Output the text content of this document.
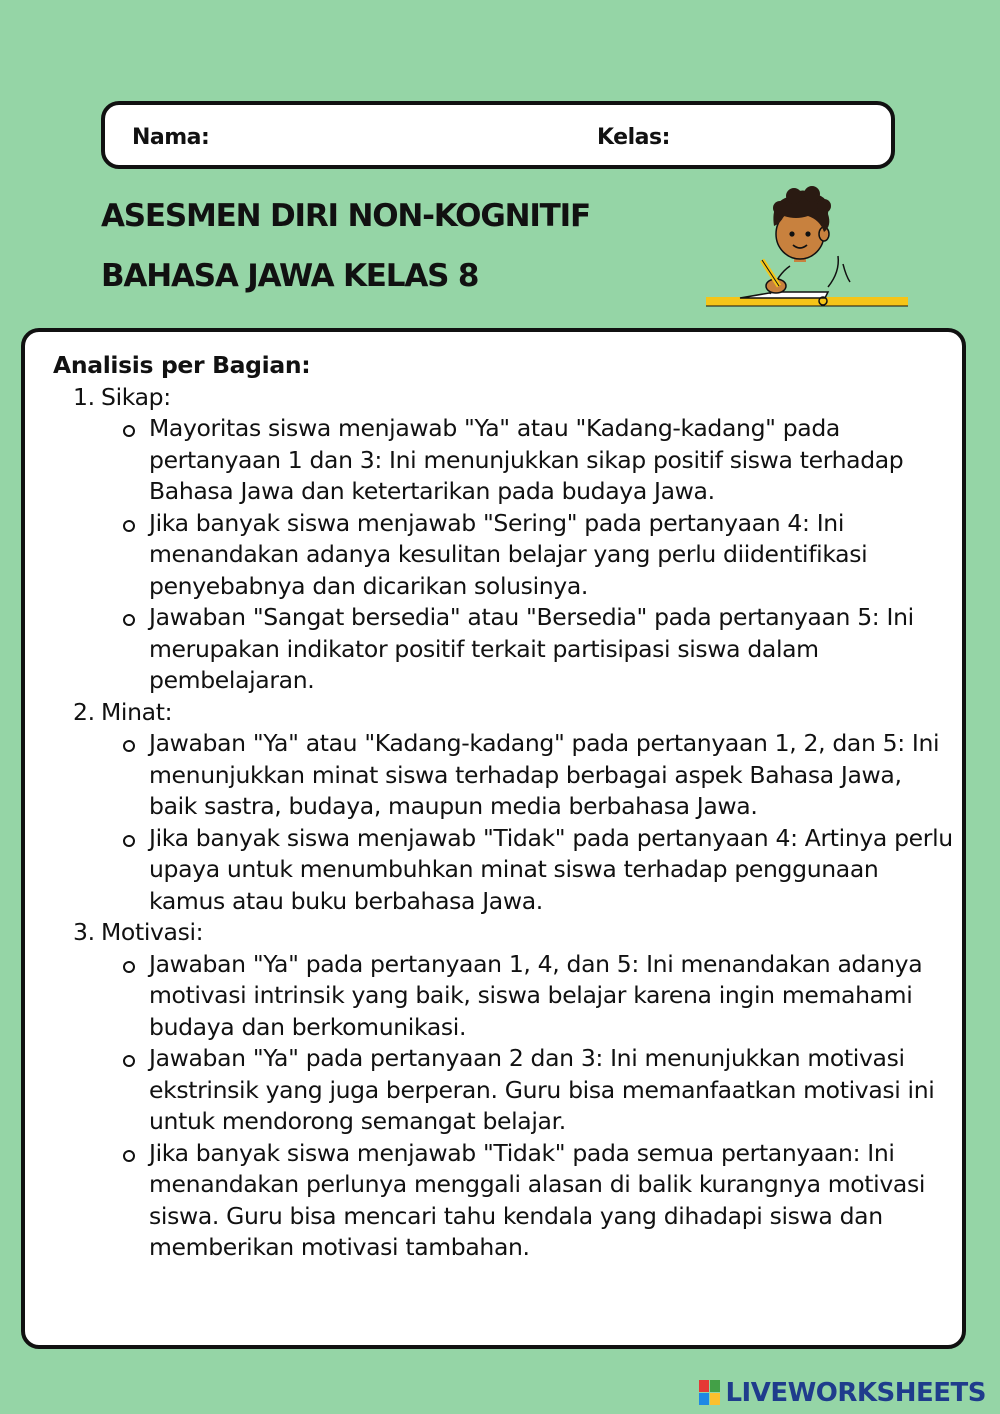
Nama:	Kelas:
ASESMEN DIRI NON-KOGNITIF
BAHASA JAWA KELAS 8
Analisis per Bagian:
1. Sikap:
Mayoritas siswa menjawab "Ya" atau "Kadang-kadang" pada pertanyaan 1 dan 3: Ini menunjukkan sikap positif siswa terhadap Bahasa Jawa dan ketertarikan pada budaya Jawa.
Jika banyak siswa menjawab "Sering" pada pertanyaan 4: Ini menandakan adanya kesulitan belajar yang perlu diidentifikasi penyebabnya dan dicarikan solusinya.
Jawaban "Sangat bersedia" atau "Bersedia" pada pertanyaan 5: Ini merupakan indikator positif terkait partisipasi siswa dalam pembelajaran.
2. Minat:
Jawaban "Ya" atau "Kadang-kadang" pada pertanyaan 1, 2, dan 5: Ini menunjukkan minat siswa terhadap berbagai aspek Bahasa Jawa, baik sastra, budaya, maupun media berbahasa Jawa.
Jika banyak siswa menjawab "Tidak" pada pertanyaan 4: Artinya perlu upaya untuk menumbuhkan minat siswa terhadap penggunaan kamus atau buku berbahasa Jawa.
3. Motivasi:
Jawaban "Ya" pada pertanyaan 1, 4, dan 5: Ini menandakan adanya motivasi intrinsik yang baik, siswa belajar karena ingin memahami budaya dan berkomunikasi.
Jawaban "Ya" pada pertanyaan 2 dan 3: Ini menunjukkan motivasi ekstrinsik yang juga berperan. Guru bisa memanfaatkan motivasi ini untuk mendorong semangat belajar.
Jika banyak siswa menjawab "Tidak" pada semua pertanyaan: Ini menandakan perlunya menggali alasan di balik kurangnya motivasi siswa. Guru bisa mencari tahu kendala yang dihadapi siswa dan memberikan motivasi tambahan.
LIVEWORKSHEETS
